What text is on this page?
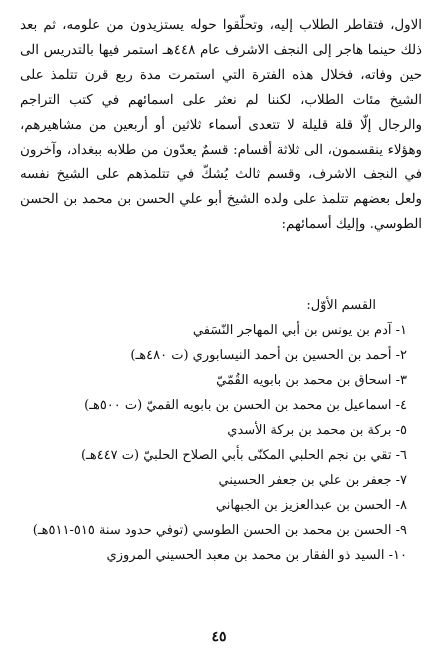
الاول، فتقاطر الطلاب إليه، وتحلّقوا حوله يستزيدون من علومه، ثم بعد ذلك حينما هاجر إلى النجف الاشرف عام ٤٤٨هـ استمر فيها بالتدريس الى حين وفاته، فخلال هذه الفترة التي استمرت مدة ربع قرن تتلمذ على الشيخ مئات الطلاب، لكننا لم نعثر على اسمائهم في كتب التراجم والرجال إلّا قلة قليلة لا تتعدى أسماء ثلاثين أو أربعين من مشاهيرهم، وهؤلاء ينقسمون، الى ثلاثة أقسام: قسمٌ يعدّون من طلابه ببغداد، وآخرون في النجف الاشرف، وقسم ثالث يُشكّ في تتلمذهم على الشيخ نفسه ولعل بعضهم تتلمذ على ولده الشيخ أبو علي الحسن بن محمد بن الحسن الطوسي. وإليك أسمائهم:

القسم الأوّل:

١- آدم بن يونس بن أبي المهاجر النّسَفي
٢- أحمد بن الحسين بن أحمد النيسابوري (ت ٤٨٠هـ)
٣- اسحاق بن محمد بن بابويه القُمّيّ
٤- اسماعيل بن محمد بن الحسن بن بابويه القميّ (ت ٥٠٠هـ)
٥- بركة بن محمد بن بركة الأسدي
٦- تقي بن نجم الحلبي المكنّى بأبي الصلاح الحلبيّ (ت ٤٤٧هـ)
٧- جعفر بن علي بن جعفر الحسيني
٨- الحسن بن عبدالعزيز بن الجبهاني
٩- الحسن بن محمد بن الحسن الطوسي (توفي حدود سنة ٥١٥-٥١١هـ)
١٠- السيد ذو الفقار بن محمد بن معبد الحسيني المروزي
٤٥
